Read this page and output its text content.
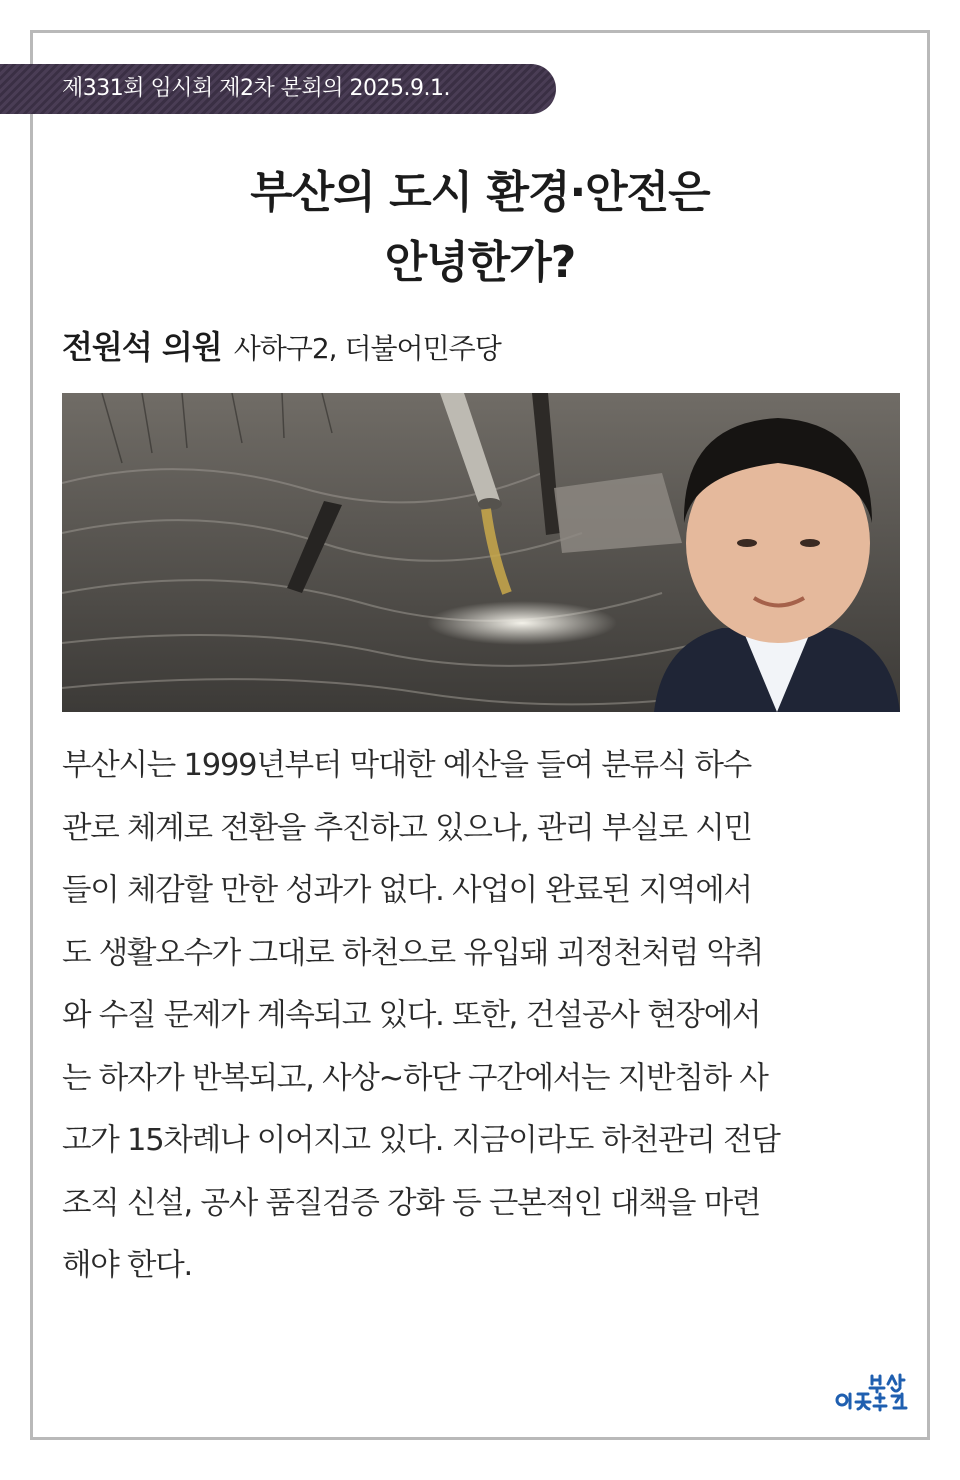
제331회 임시회 제2차 본회의 2025.9.1.
부산의 도시 환경·안전은
안녕한가?
전원석 의원 사하구2, 더불어민주당

부산시는 1999년부터 막대한 예산을 들여 분류식 하수
관로 체계로 전환을 추진하고 있으나, 관리 부실로 시민
들이 체감할 만한 성과가 없다. 사업이 완료된 지역에서
도 생활오수가 그대로 하천으로 유입돼 괴정천처럼 악취
와 수질 문제가 계속되고 있다. 또한, 건설공사 현장에서
는 하자가 반복되고, 사상~하단 구간에서는 지반침하 사
고가 15차례나 이어지고 있다. 지금이라도 하천관리 전담
조직 신설, 공사 품질검증 강화 등 근본적인 대책을 마련
해야 한다.
